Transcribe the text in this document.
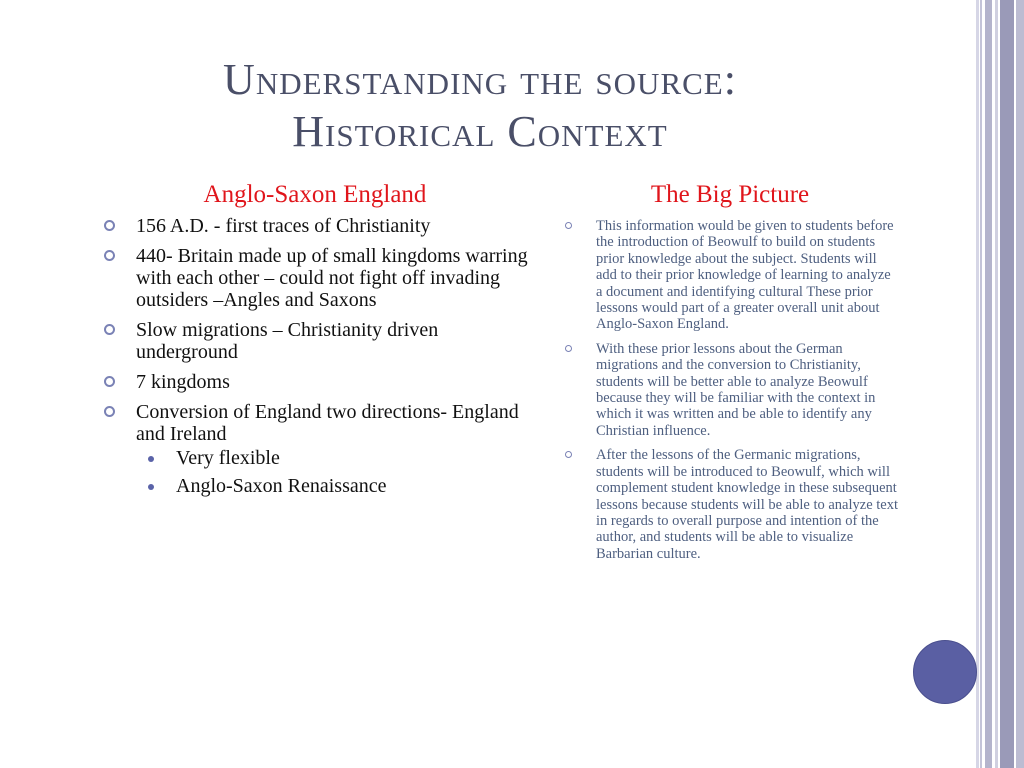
Understanding the source:
Historical Context
Anglo-Saxon England	The Big Picture
156 A.D. - first traces of Christianity
440- Britain made up of small kingdoms warring with each other – could not fight off invading outsiders –Angles and Saxons
Slow migrations – Christianity driven underground
7 kingdoms
Conversion of England two directions- England and Ireland
Very flexible
Anglo-Saxon Renaissance
This information would be given to students before the introduction of Beowulf to build on students prior knowledge about the subject. Students will add to their prior knowledge of learning to analyze a document and identifying cultural These prior lessons would part of a greater overall unit about Anglo-Saxon England.
With these prior lessons about the German migrations and the conversion to Christianity, students will be better able to analyze Beowulf because they will be familiar with the context in which it was written and be able to identify any Christian influence.
After the lessons of the Germanic migrations, students will be introduced to Beowulf, which will complement student knowledge in these subsequent lessons because students will be able to analyze text in regards to overall purpose and intention of the author, and students will be able to visualize Barbarian culture.
